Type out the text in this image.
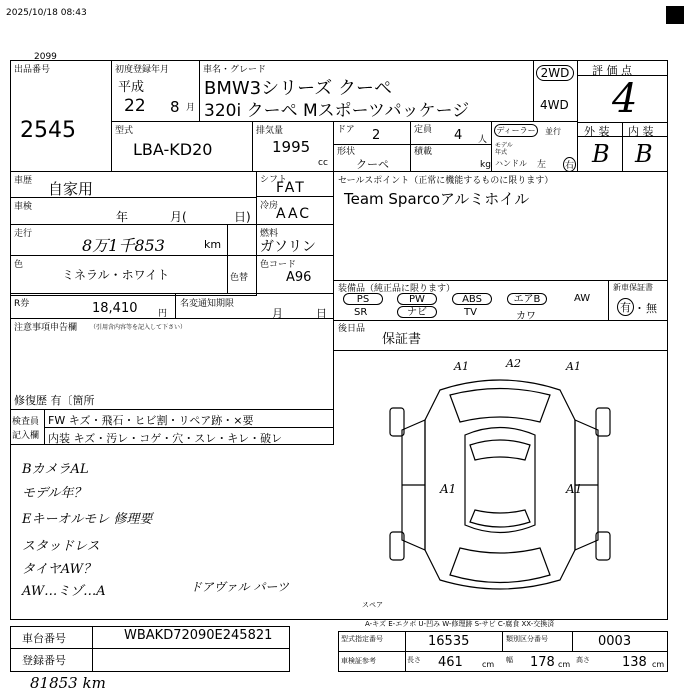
2025/10/18 08:43
出品番号
2099
2545
初度登録年月
平成
22 8 月
車名・グレード
BMW3シリーズ クーペ
320i クーペ Mスポーツパッケージ
2WD
4WD
評 価 点
4
外 装 内 装
B B
型式
LBA-KD20
排気量
1995
cc
ドア 2	定員 4 人
ディーラー 並行
モデル
年式
形状
クーペ
積載
kg ハンドル 左 右
車歴 自家用
車検
年	月(	日)
走行
8万1千853	km
色
ミネラル・ホワイト	色替
シフト
FAT
冷房
AAC
燃料
ガソリン
色コード
A96
R券	18,410 円
名変通知期限
月	日
注意事項申告欄 （引用含内容等を記入して下さい）
修復歴 有〔箇所
検査員
記入欄
FW キズ・飛石・ヒビ割・リペア跡・×要
内装 キズ・汚レ・コゲ・穴・スレ・キレ・破レ
セールスポイント（正常に機能するものに限ります）
Team Sparcoアルミホイル
装備品（純正品に限ります）
PS	PW	ABS	エアB	AW
SR	ナビ	TV	カワ
新車保証書
有 ・ 無
後日品
保証書
BカメラAL
モデル年？
Eキーオルモレ 修理要
スタッドレス
タイヤAW？
AW…ミゾ…A	ドアヴァル パーツ
A1	A2	A1
A1	A1
スペア
A-キズ E-エクボ U-凹み W-修理跡 S-サビ C-腐食 XX-交換済
車台番号	WBAKD72090E245821
登録番号
型式指定番号	16535	類別区分番号	0003
車検証参考	長さ 461 cm 幅 178 cm 高さ 138 cm
81853 km
